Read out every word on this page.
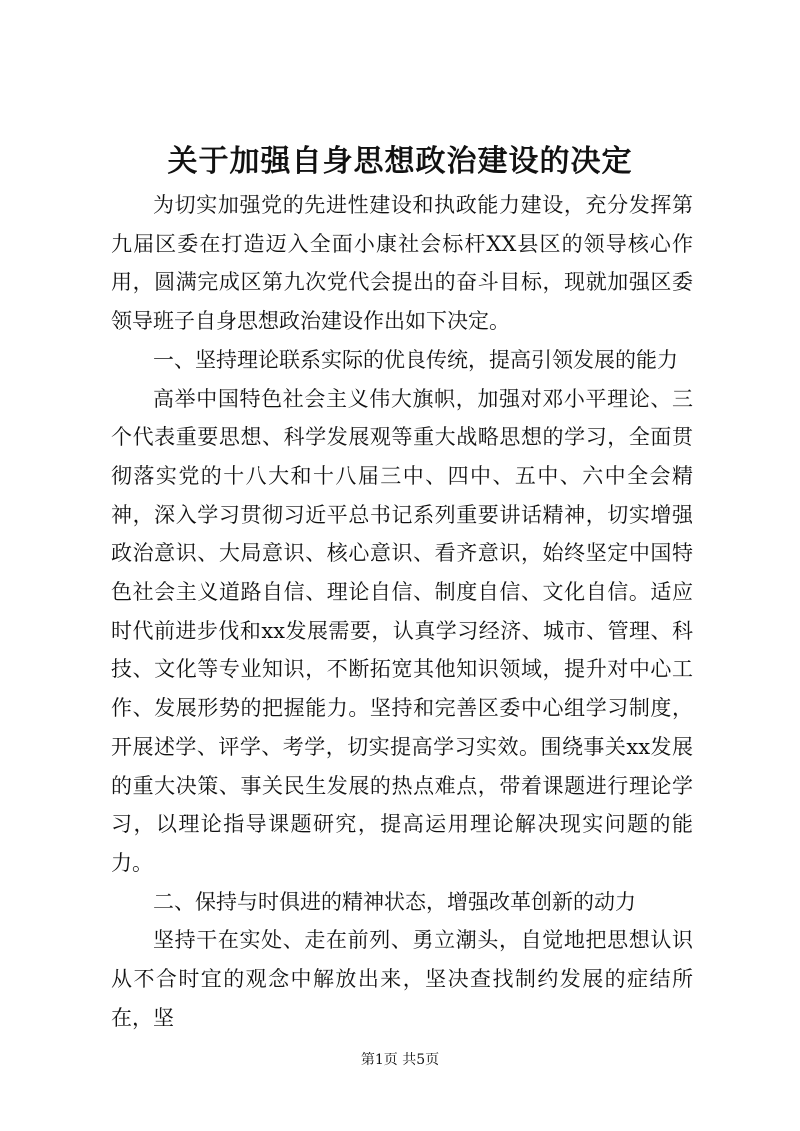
关于加强自身思想政治建设的决定

为切实加强党的先进性建设和执政能力建设，充分发挥第九届区委在打造迈入全面小康社会标杆XX县区的领导核心作用，圆满完成区第九次党代会提出的奋斗目标，现就加强区委领导班子自身思想政治建设作出如下决定。

一、坚持理论联系实际的优良传统，提高引领发展的能力

高举中国特色社会主义伟大旗帜，加强对邓小平理论、三个代表重要思想、科学发展观等重大战略思想的学习，全面贯彻落实党的十八大和十八届三中、四中、五中、六中全会精神，深入学习贯彻习近平总书记系列重要讲话精神，切实增强政治意识、大局意识、核心意识、看齐意识，始终坚定中国特色社会主义道路自信、理论自信、制度自信、文化自信。适应时代前进步伐和xx发展需要，认真学习经济、城市、管理、科技、文化等专业知识，不断拓宽其他知识领域，提升对中心工作、发展形势的把握能力。坚持和完善区委中心组学习制度，开展述学、评学、考学，切实提高学习实效。围绕事关xx发展的重大决策、事关民生发展的热点难点，带着课题进行理论学习，以理论指导课题研究，提高运用理论解决现实问题的能力。

二、保持与时俱进的精神状态，增强改革创新的动力

坚持干在实处、走在前列、勇立潮头，自觉地把思想认识从不合时宜的观念中解放出来，坚决查找制约发展的症结所在，坚

第1页 共5页
